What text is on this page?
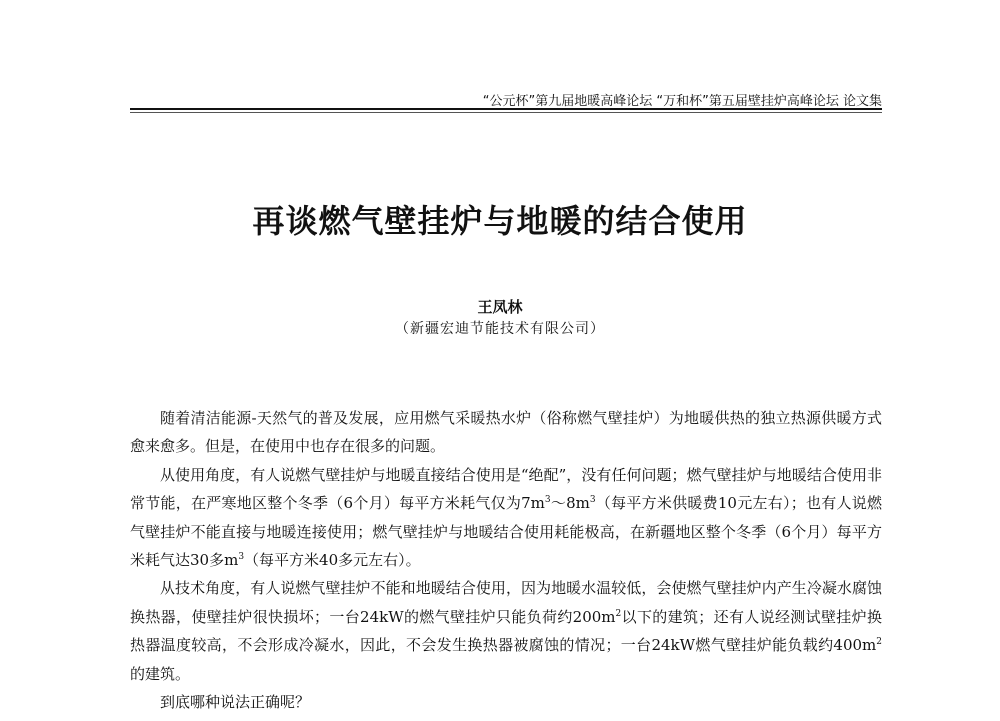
“公元杯”第九届地暖高峰论坛 “万和杯”第五届壁挂炉高峰论坛 论文集
再谈燃气壁挂炉与地暖的结合使用
王凤林
（新疆宏迪节能技术有限公司）

随着清洁能源-天然气的普及发展，应用燃气采暖热水炉（俗称燃气壁挂炉）为地暖供热的独立热源供暖方式愈来愈多。但是，在使用中也存在很多的问题。

从使用角度，有人说燃气壁挂炉与地暖直接结合使用是“绝配”，没有任何问题；燃气壁挂炉与地暖结合使用非常节能，在严寒地区整个冬季（6个月）每平方米耗气仅为$7m^3\sim 8m^3$（每平方米供暖费10元左右）；也有人说燃气壁挂炉不能直接与地暖连接使用；燃气壁挂炉与地暖结合使用耗能极高，在新疆地区整个冬季（6个月）每平方米耗气达30多$m^3$（每平方米40多元左右）。

从技术角度，有人说燃气壁挂炉不能和地暖结合使用，因为地暖水温较低，会使燃气壁挂炉内产生冷凝水腐蚀换热器，使壁挂炉很快损坏；一台24kW的燃气壁挂炉只能负荷约$200m^2$以下的建筑；还有人说经测试壁挂炉换热器温度较高，不会形成冷凝水，因此，不会发生换热器被腐蚀的情况；一台24kW燃气壁挂炉能负载约$400m^2$的建筑。

到底哪种说法正确呢？
